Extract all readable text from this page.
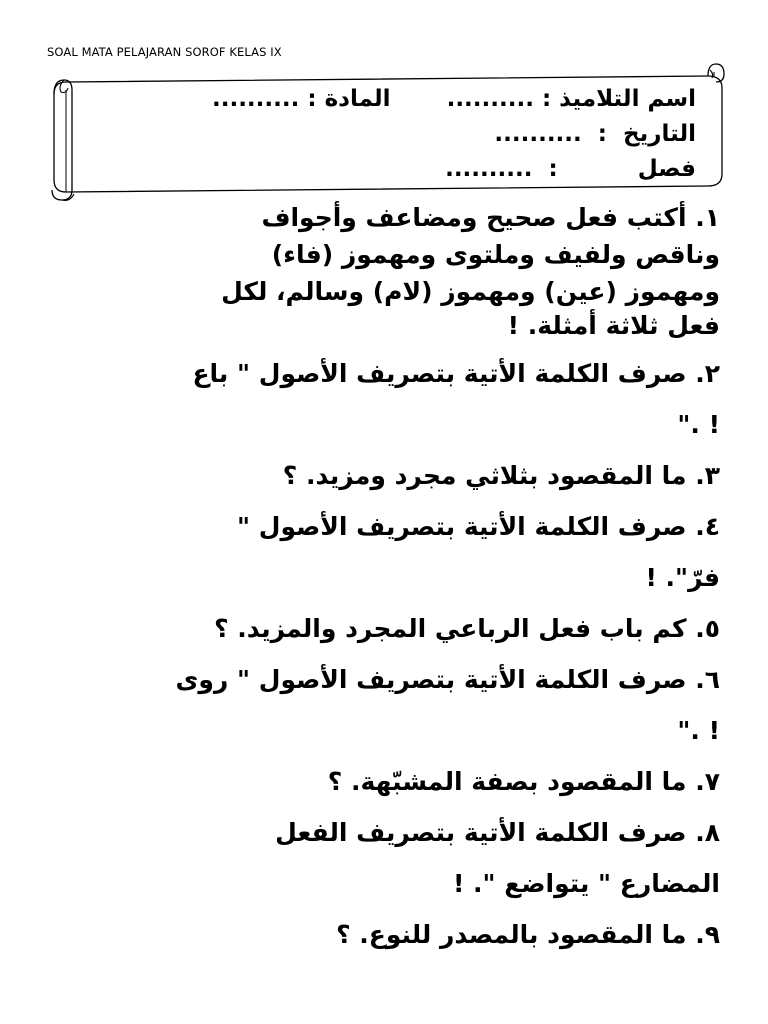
SOAL MATA PELAJARAN SOROF KELAS IX
اسم التلاميذ : ..........       المادة : ..........
التاريخ  :  ..........
فصل          :  ..........
١. أكتب فعل صحيح ومضاعف وأجواف
وناقص ولفيف وملتوى ومهموز (فاء)
ومهموز (عين) ومهموز (لام) وسالم، لكل
فعل ثلاثة أمثلة. !
٢. صرف الكلمة الأتية بتصريف الأصول " باع
". !
٣. ما المقصود بثلاثي مجرد ومزيد. ؟
٤. صرف الكلمة الأتية بتصريف الأصول "
فرّ". !
٥. كم باب فعل الرباعي المجرد والمزيد. ؟
٦. صرف الكلمة الأتية بتصريف الأصول " روى
". !
٧. ما المقصود بصفة المشبّهة. ؟
٨. صرف الكلمة الأتية بتصريف الفعل
المضارع " يتواضع ". !
٩. ما المقصود بالمصدر للنوع. ؟
